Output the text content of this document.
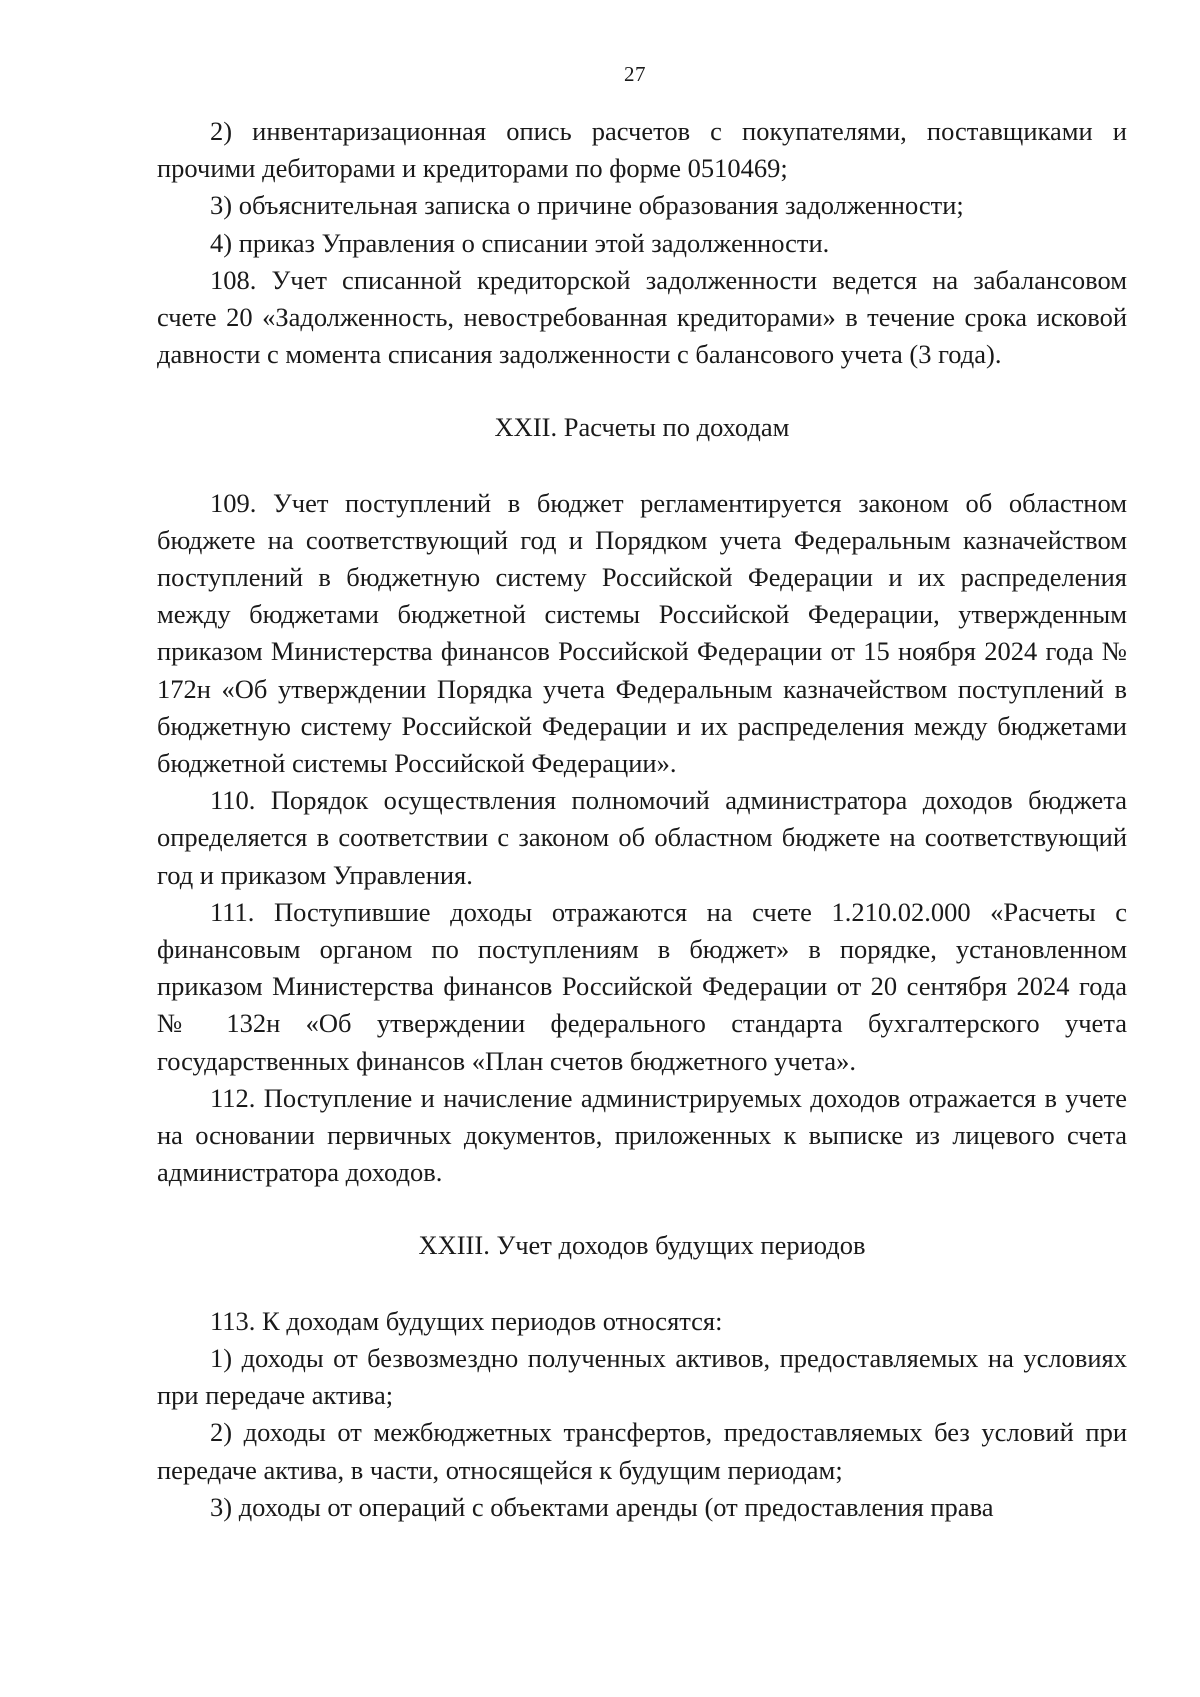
27

2) инвентаризационная опись расчетов с покупателями, поставщиками и прочими дебиторами и кредиторами по форме 0510469;

3) объяснительная записка о причине образования задолженности;

4) приказ Управления о списании этой задолженности.

108. Учет списанной кредиторской задолженности ведется на забалансовом счете 20 «Задолженность, невостребованная кредиторами» в течение срока исковой давности с момента списания задолженности с балансового учета (3 года).

XXII. Расчеты по доходам

109. Учет поступлений в бюджет регламентируется законом об областном бюджете на соответствующий год и Порядком учета Федеральным казначейством поступлений в бюджетную систему Российской Федерации и их распределения между бюджетами бюджетной системы Российской Федерации, утвержденным приказом Министерства финансов Российской Федерации от 15 ноября 2024 года № 172н «Об утверждении Порядка учета Федеральным казначейством поступлений в бюджетную систему Российской Федерации и их распределения между бюджетами бюджетной системы Российской Федерации».

110. Порядок осуществления полномочий администратора доходов бюджета определяется в соответствии с законом об областном бюджете на соответствующий год и приказом Управления.

111. Поступившие доходы отражаются на счете 1.210.02.000 «Расчеты с финансовым органом по поступлениям в бюджет» в порядке, установленном приказом Министерства финансов Российской Федерации от 20 сентября 2024 года № 132н «Об утверждении федерального стандарта бухгалтерского учета государственных финансов «План счетов бюджетного учета».

112. Поступление и начисление администрируемых доходов отражается в учете на основании первичных документов, приложенных к выписке из лицевого счета администратора доходов.

XXIII. Учет доходов будущих периодов

113. К доходам будущих периодов относятся:

1) доходы от безвозмездно полученных активов, предоставляемых на условиях при передаче актива;

2) доходы от межбюджетных трансфертов, предоставляемых без условий при передаче актива, в части, относящейся к будущим периодам;

3) доходы от операций с объектами аренды (от предоставления права
